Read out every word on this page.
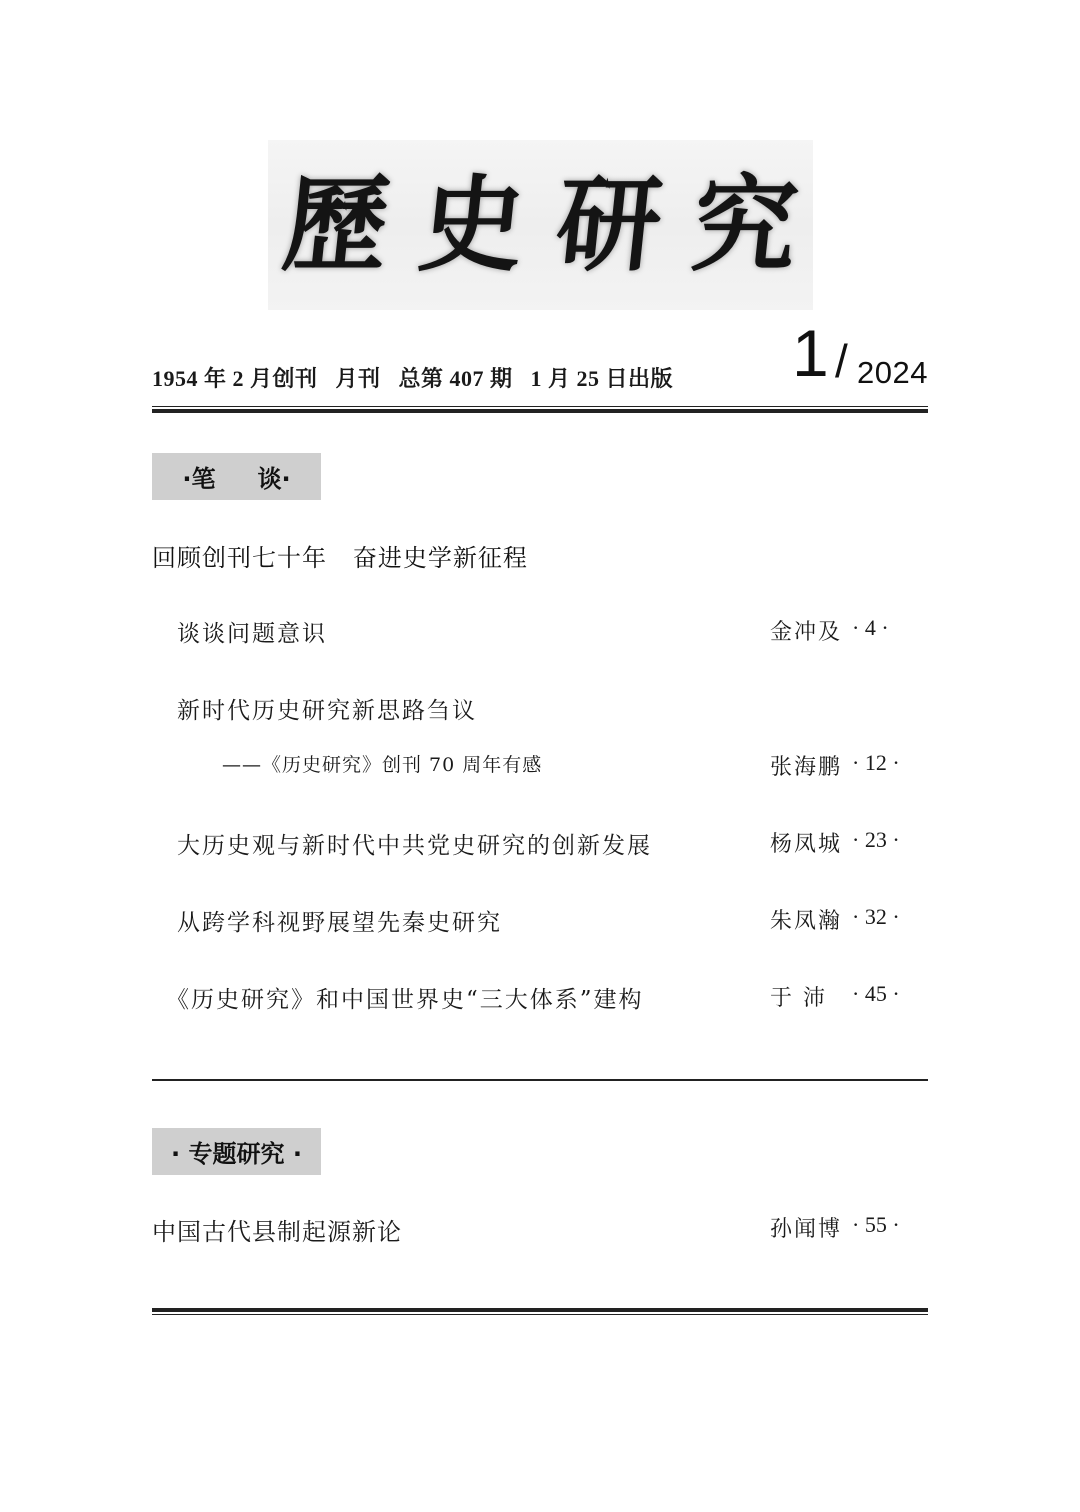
歷 史 研 究
1954 年 2 月创刊   月刊   总第 407 期   1 月 25 日出版 1 / 2024
·笔 谈·
回顾创刊七十年   奋进史学新征程
谈谈问题意识	金冲及 · 4 ·
新时代历史研究新思路刍议
——《历史研究》创刊 70 周年有感	张海鹏 · 12 ·
大历史观与新时代中共党史研究的创新发展	杨凤城 · 23 ·
从跨学科视野展望先秦史研究	朱凤瀚 · 32 ·
《历史研究》和中国世界史“三大体系”建构	于 沛 · 45 ·
· 专题研究 ·
中国古代县制起源新论	孙闻博 · 55 ·
